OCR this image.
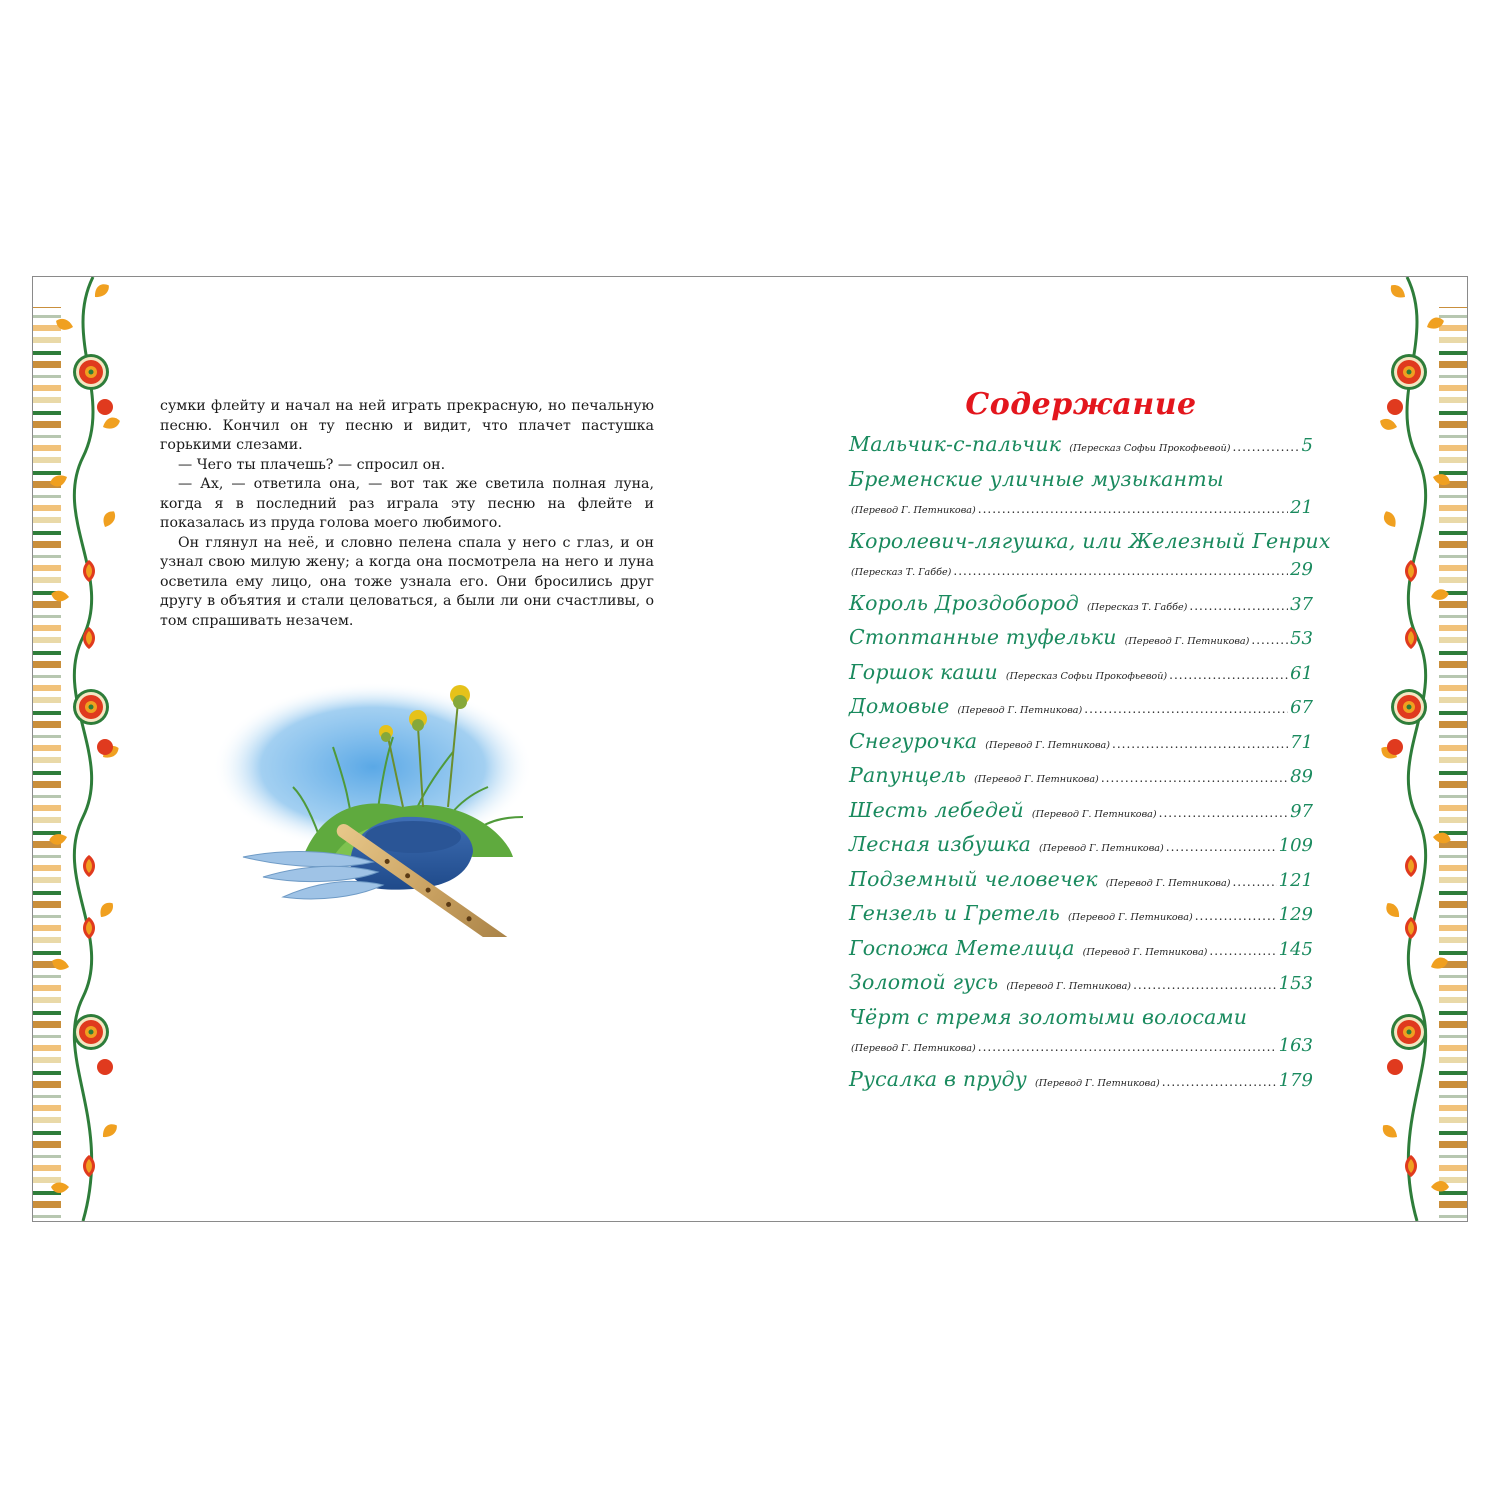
сумки флейту и начал на ней играть прекрасную, но печальную песню. Кончил он ту песню и видит, что плачет пастушка горькими слезами.

— Чего ты плачешь? — спросил он.

— Ах, — ответила она, — вот так же светила полная луна, когда я в последний раз играла эту песню на флейте и показалась из пруда голова моего любимого.

Он глянул на неё, и словно пелена спала у него с глаз, и он узнал свою милую жену; а когда она посмотрела на него и луна осветила ему лицо, она тоже узнала его. Они бросились друг другу в объятия и стали целоваться, а были ли они счастливы, о том спрашивать незачем.

Содержание
Мальчик-с-пальчик (Пересказ Софьи Прокофьевой) .....	5
Бременские уличные музыканты
(Перевод Г. Петникова) .....	21
Королевич-лягушка, или Железный Генрих
(Пересказ Т. Габбе) .....	29
Король Дроздобород (Пересказ Т. Габбе) .....	37
Стоптанные туфельки (Перевод Г. Петникова) ..... 53
Горшок каши (Пересказ Софьи Прокофьевой) .....	61
Домовые (Перевод Г. Петникова) .....	67
Снегурочка (Перевод Г. Петникова) .....	71
Рапунцель (Перевод Г. Петникова) .....	89
Шесть лебедей (Перевод Г. Петникова) .....	97
Лесная избушка (Перевод Г. Петникова) .....	109
Подземный человечек (Перевод Г. Петникова) .....	121
Гензель и Гретель (Перевод Г. Петникова) .....	129
Госпожа Метелица (Перевод Г. Петникова) .....	145
Золотой гусь (Перевод Г. Петникова) .....	153
Чёрт с тремя золотыми волосами
(Перевод Г. Петникова) .....	163
Русалка в пруду (Перевод Г. Петникова) .....	179
